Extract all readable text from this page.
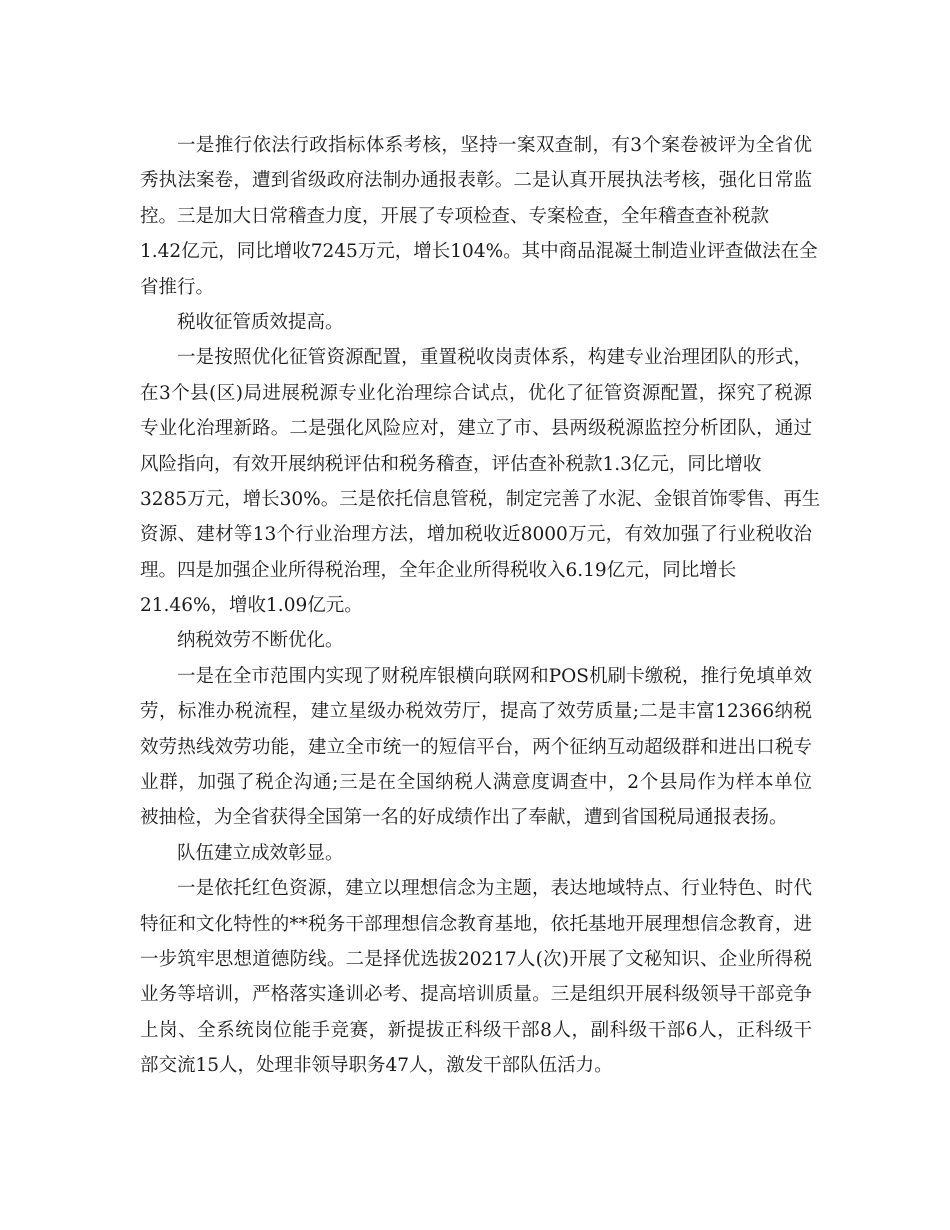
一是推行依法行政指标体系考核，坚持一案双查制，有3个案卷被评为全省优
秀执法案卷，遭到省级政府法制办通报表彰。二是认真开展执法考核，强化日常监
控。三是加大日常稽查力度，开展了专项检查、专案检查，全年稽查查补税款
1.42亿元，同比增收7245万元，增长104%。其中商品混凝土制造业评查做法在全
省推行。
税收征管质效提高。
一是按照优化征管资源配置，重置税收岗责体系，构建专业治理团队的形式，
在3个县(区)局进展税源专业化治理综合试点，优化了征管资源配置，探究了税源
专业化治理新路。二是强化风险应对，建立了市、县两级税源监控分析团队，通过
风险指向，有效开展纳税评估和税务稽查，评估查补税款1.3亿元，同比增收
3285万元，增长30%。三是依托信息管税，制定完善了水泥、金银首饰零售、再生
资源、建材等13个行业治理方法，增加税收近8000万元，有效加强了行业税收治
理。四是加强企业所得税治理，全年企业所得税收入6.19亿元，同比增长
21.46%，增收1.09亿元。
纳税效劳不断优化。
一是在全市范围内实现了财税库银横向联网和POS机刷卡缴税，推行免填单效
劳，标准办税流程，建立星级办税效劳厅，提高了效劳质量;二是丰富12366纳税
效劳热线效劳功能，建立全市统一的短信平台，两个征纳互动超级群和进出口税专
业群，加强了税企沟通;三是在全国纳税人满意度调查中，2个县局作为样本单位
被抽检，为全省获得全国第一名的好成绩作出了奉献，遭到省国税局通报表扬。
队伍建立成效彰显。
一是依托红色资源，建立以理想信念为主题，表达地域特点、行业特色、时代
特征和文化特性的**税务干部理想信念教育基地，依托基地开展理想信念教育，进
一步筑牢思想道德防线。二是择优选拔20217人(次)开展了文秘知识、企业所得税
业务等培训，严格落实逢训必考、提高培训质量。三是组织开展科级领导干部竞争
上岗、全系统岗位能手竞赛，新提拔正科级干部8人，副科级干部6人，正科级干
部交流15人，处理非领导职务47人，激发干部队伍活力。
